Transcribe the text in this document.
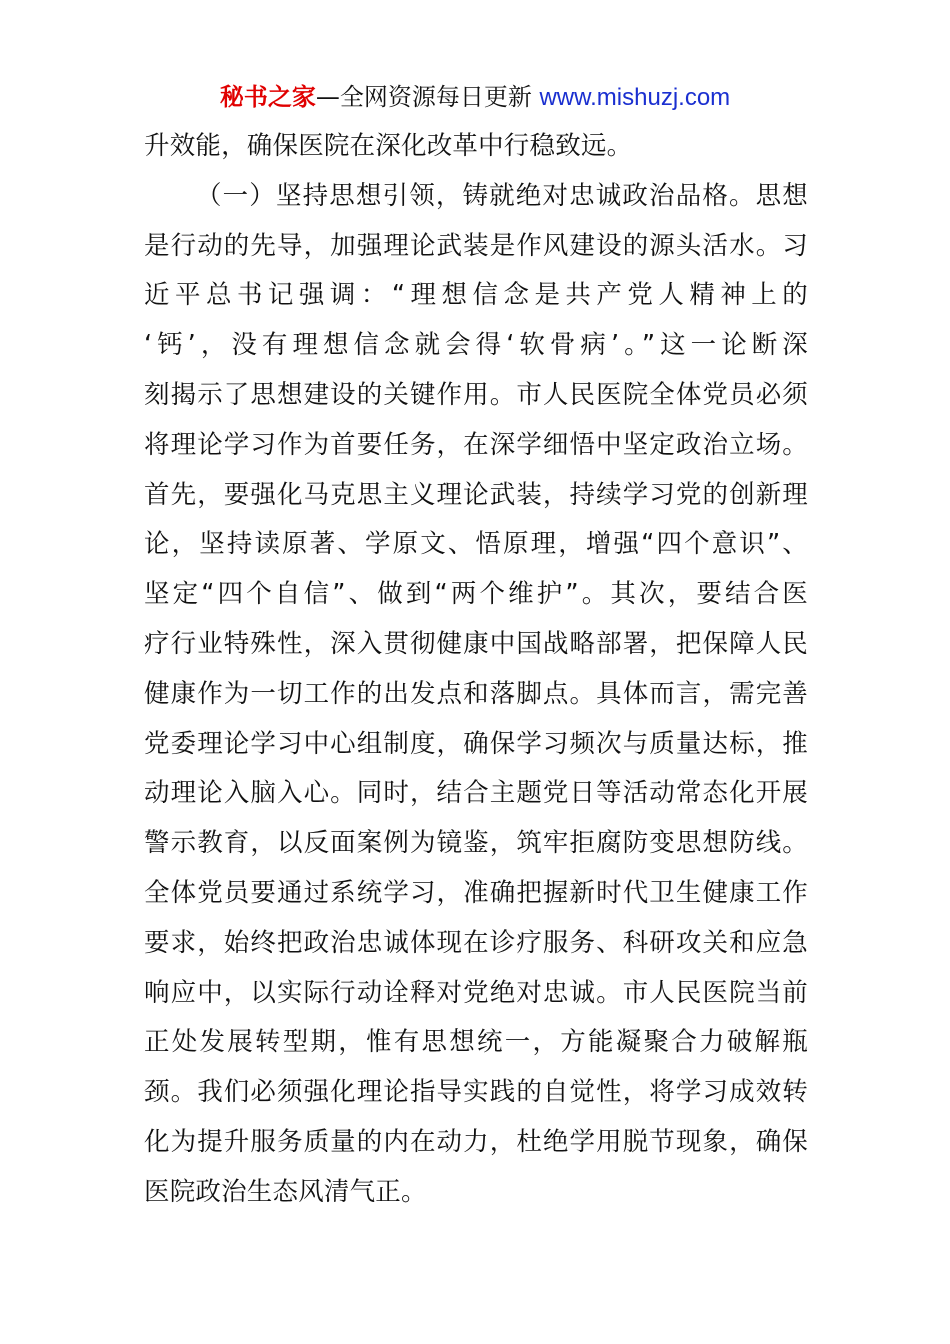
秘书之家—全网资源每日更新 www.mishuzj.com
升效能，确保医院在深化改革中行稳致远。
（一）坚持思想引领，铸就绝对忠诚政治品格。思想
是行动的先导，加强理论武装是作风建设的源头活水。习
近平总书记强调：“理想信念是共产党人精神上的
‘钙’，没有理想信念就会得‘软骨病’。”这一论断深
刻揭示了思想建设的关键作用。市人民医院全体党员必须
将理论学习作为首要任务，在深学细悟中坚定政治立场。
首先，要强化马克思主义理论武装，持续学习党的创新理
论，坚持读原著、学原文、悟原理，增强“四个意识”、
坚定“四个自信”、做到“两个维护”。其次，要结合医
疗行业特殊性，深入贯彻健康中国战略部署，把保障人民
健康作为一切工作的出发点和落脚点。具体而言，需完善
党委理论学习中心组制度，确保学习频次与质量达标，推
动理论入脑入心。同时，结合主题党日等活动常态化开展
警示教育，以反面案例为镜鉴，筑牢拒腐防变思想防线。
全体党员要通过系统学习，准确把握新时代卫生健康工作
要求，始终把政治忠诚体现在诊疗服务、科研攻关和应急
响应中，以实际行动诠释对党绝对忠诚。市人民医院当前
正处发展转型期，惟有思想统一，方能凝聚合力破解瓶
颈。我们必须强化理论指导实践的自觉性，将学习成效转
化为提升服务质量的内在动力，杜绝学用脱节现象，确保
医院政治生态风清气正。
